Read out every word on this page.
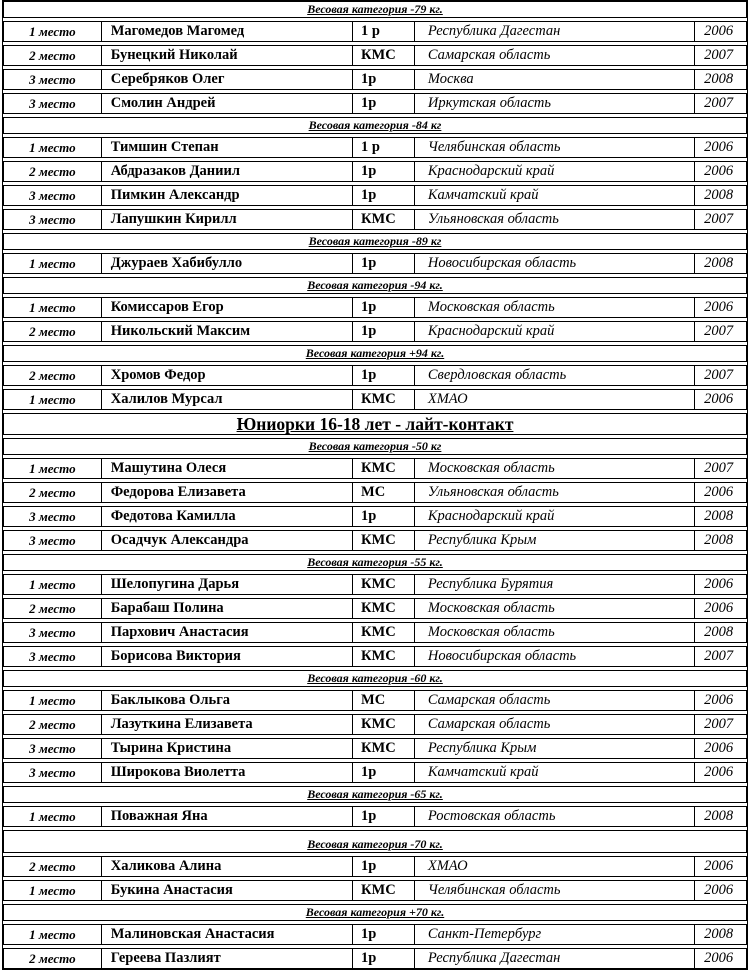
Весовая категория -79 кг.
1 место	Магомедов Магомед	1 р	Республика Дагестан	2006
2 место	Бунецкий Николай	КМС	Самарская область	2007
3 место	Серебряков Олег	1р	Москва	2008
3 место	Смолин Андрей	1р	Иркутская область	2007
Весовая категория -84 кг
1 место	Тимшин Степан	1 р	Челябинская область	2006
2 место	Абдразаков Даниил	1р	Краснодарский край	2006
3 место	Пимкин Александр	1р	Камчатский край	2008
3 место	Лапушкин Кирилл	КМС	Ульяновская область	2007
Весовая категория -89 кг
1 место	Джураев Хабибулло	1р	Новосибирская область	2008
Весовая категория -94 кг.
1 место	Комиссаров Егор	1р	Московская область	2006
2 место	Никольский Максим	1р	Краснодарский край	2007
Весовая категория +94 кг.
2 место	Хромов Федор	1р	Свердловская область	2007
1 место	Халилов Мурсал	КМС	ХМАО	2006
Юниорки 16-18 лет - лайт-контакт
Весовая категория -50 кг
1 место	Машутина Олеся	КМС	Московская область	2007
2 место	Федорова Елизавета	МС	Ульяновская область	2006
3 место	Федотова Камилла	1р	Краснодарский край	2008
3 место	Осадчук Александра	КМС	Республика Крым	2008
Весовая категория -55 кг.
1 место	Шелопугина Дарья	КМС	Республика Бурятия	2006
2 место	Барабаш Полина	КМС	Московская область	2006
3 место	Пархович Анастасия	КМС	Московская область	2008
3 место	Борисова Виктория	КМС	Новосибирская область	2007
Весовая категория -60 кг.
1 место	Баклыкова Ольга	МС	Самарская область	2006
2 место	Лазуткина Елизавета	КМС	Самарская область	2007
3 место	Тырина Кристина	КМС	Республика Крым	2006
3 место	Широкова Виолетта	1р	Камчатский край	2006
Весовая категория -65 кг.
1 место	Поважная Яна	1р	Ростовская область	2008
Весовая категория -70 кг.
2 место	Халикова Алина	1р	ХМАО	2006
1 место	Букина Анастасия	КМС	Челябинская область	2006
Весовая категория +70 кг.
1 место	Малиновская Анастасия	1р	Санкт-Петербург	2008
2 место	Гереева Пазлият	1р	Республика Дагестан	2006
